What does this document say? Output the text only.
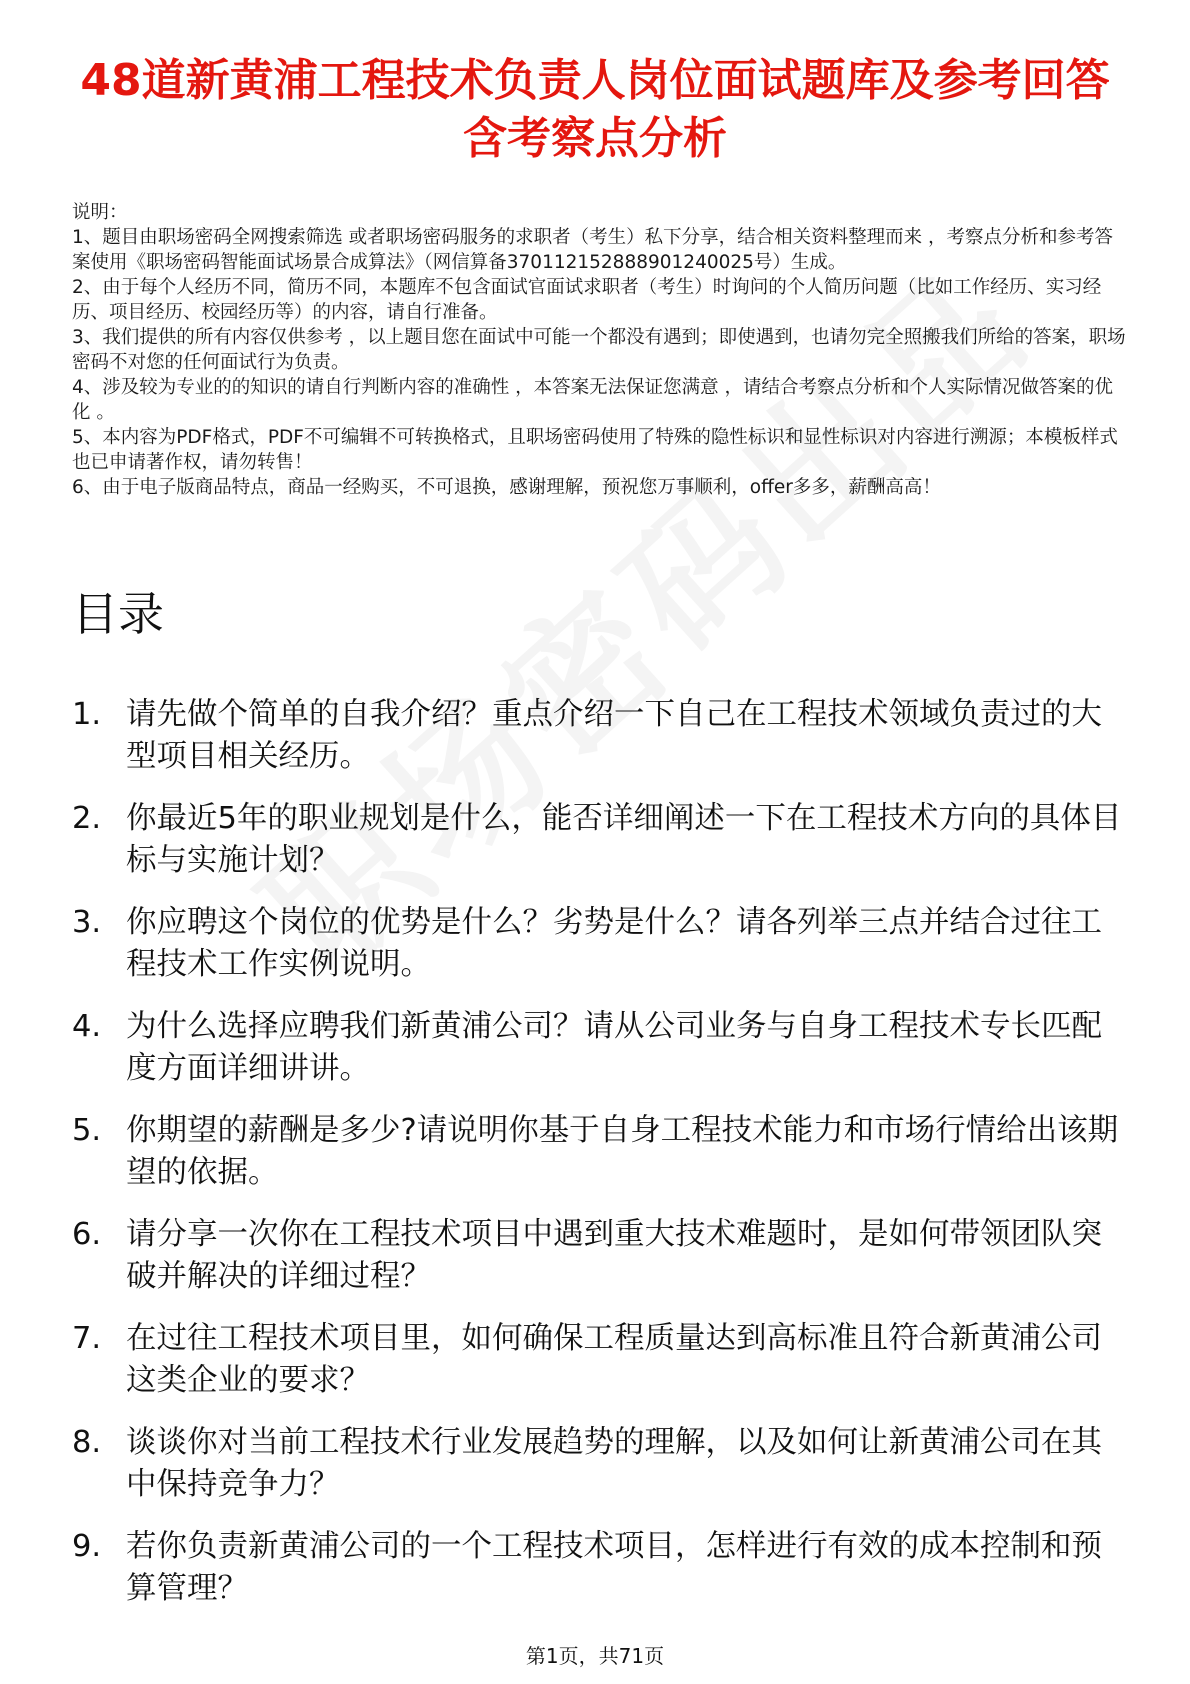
48道新黄浦工程技术负责人岗位面试题库及参考回答含考察点分析
说明：
1、题目由职场密码全网搜索筛选 或者职场密码服务的求职者（考生）私下分享，结合相关资料整理而来 ，考察点分析和参考答案使用《职场密码智能面试场景合成算法》（网信算备370112152888901240025号）生成。
2、由于每个人经历不同，简历不同，本题库不包含面试官面试求职者（考生）时询问的个人简历问题（比如工作经历、实习经历、项目经历、校园经历等）的内容，请自行准备。
3、我们提供的所有内容仅供参考 ，以上题目您在面试中可能一个都没有遇到；即使遇到，也请勿完全照搬我们所给的答案，职场密码不对您的任何面试行为负责。
4、涉及较为专业的的知识的请自行判断内容的准确性 ，本答案无法保证您满意 ，请结合考察点分析和个人实际情况做答案的优化 。
5、本内容为PDF格式，PDF不可编辑不可转换格式，且职场密码使用了特殊的隐性标识和显性标识对内容进行溯源；本模板样式也已申请著作权，请勿转售！
6、由于电子版商品特点，商品一经购买，不可退换，感谢理解，预祝您万事顺利，offer多多，薪酬高高！
目录
1. 请先做个简单的自我介绍？重点介绍一下自己在工程技术领域负责过的大型项目相关经历。
2. 你最近5年的职业规划是什么，能否详细阐述一下在工程技术方向的具体目标与实施计划？
3. 你应聘这个岗位的优势是什么？劣势是什么？请各列举三点并结合过往工程技术工作实例说明。
4. 为什么选择应聘我们新黄浦公司？请从公司业务与自身工程技术专长匹配度方面详细讲讲。
5. 你期望的薪酬是多少?请说明你基于自身工程技术能力和市场行情给出该期望的依据。
6. 请分享一次你在工程技术项目中遇到重大技术难题时，是如何带领团队突破并解决的详细过程？
7. 在过往工程技术项目里，如何确保工程质量达到高标准且符合新黄浦公司这类企业的要求？
8. 谈谈你对当前工程技术行业发展趋势的理解，以及如何让新黄浦公司在其中保持竞争力？
9. 若你负责新黄浦公司的一个工程技术项目，怎样进行有效的成本控制和预算管理？
第1页，共71页
